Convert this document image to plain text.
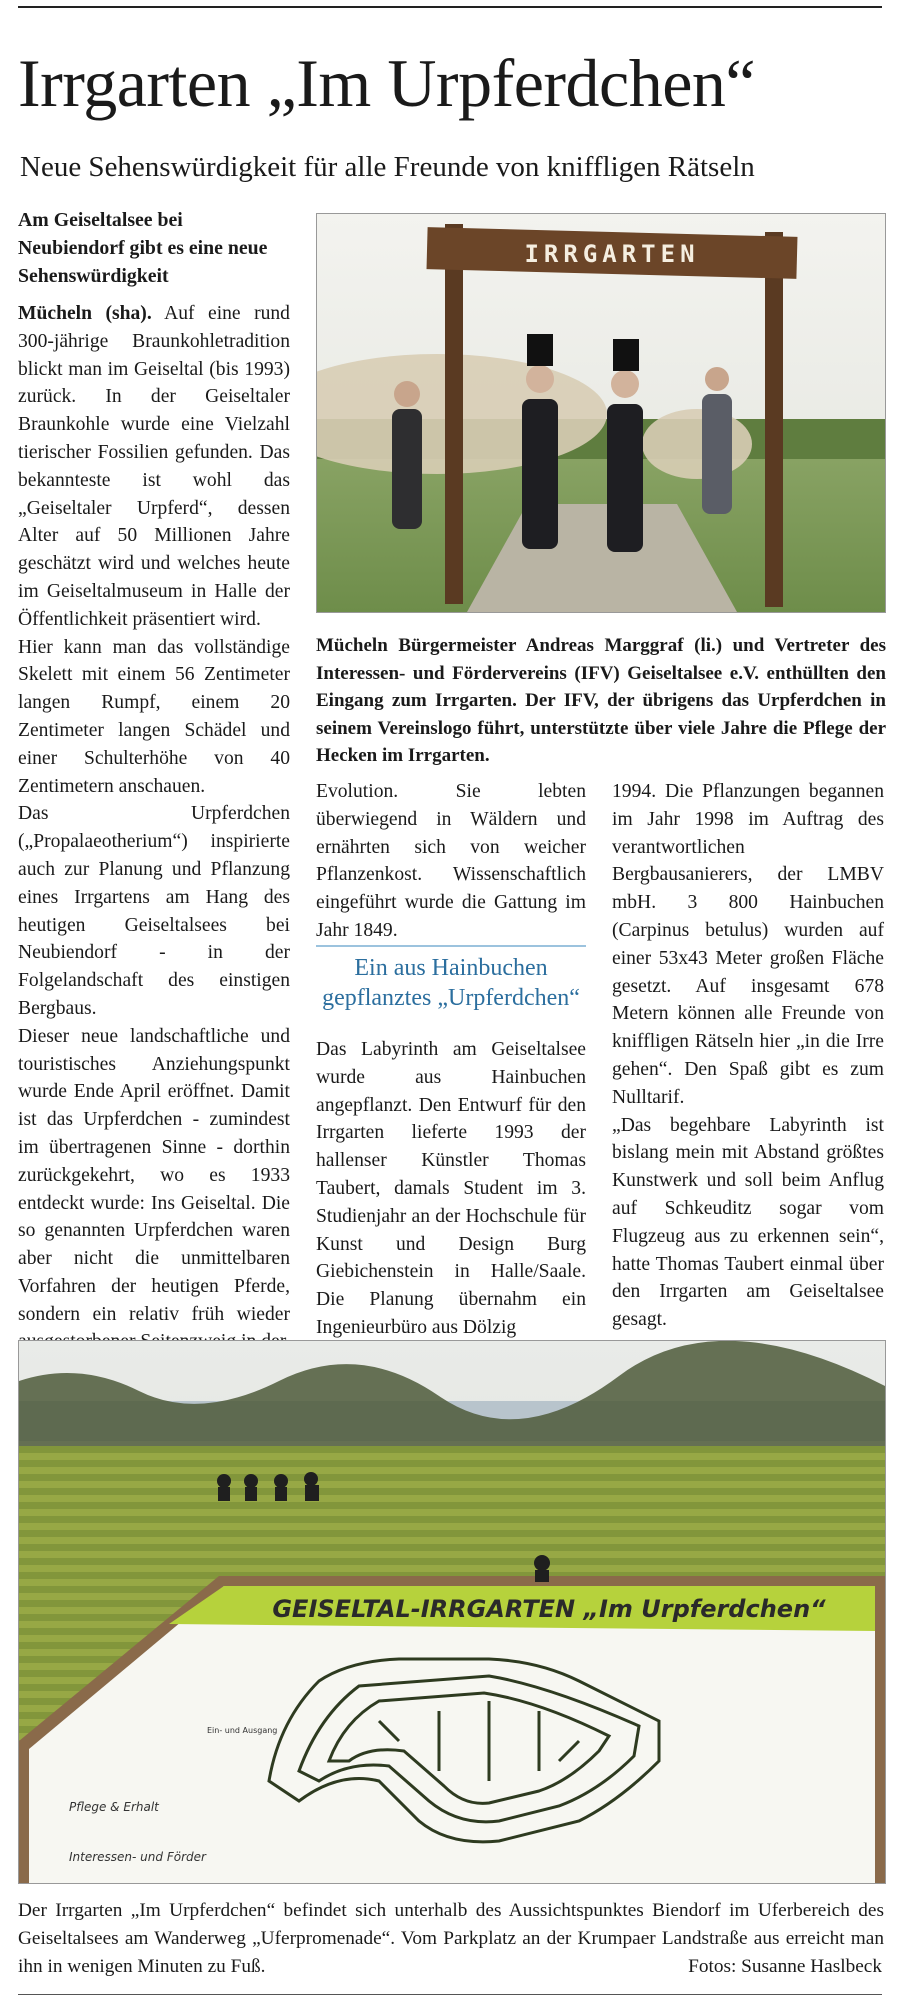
Irrgarten „Im Urpferdchen“
Neue Sehenswürdigkeit für alle Freunde von kniffligen Rätseln

Am Geiseltalsee bei Neubiendorf gibt es eine neue Sehenswürdigkeit

Mücheln (sha). Auf eine rund 300-jährige Braunkohletradition blickt man im Geiseltal (bis 1993) zurück. In der Geiseltaler Braunkohle wurde eine Vielzahl tierischer Fossilien gefunden. Das bekannteste ist wohl das „Geiseltaler Urpferd“, dessen Alter auf 50 Millionen Jahre geschätzt wird und welches heute im Geiseltalmuseum in Halle der Öffentlichkeit präsentiert wird.

Hier kann man das vollständige Skelett mit einem 56 Zentimeter langen Rumpf, einem 20 Zentimeter langen Schädel und einer Schulterhöhe von 40 Zentimetern anschauen.

Das Urpferdchen („Propalaeotherium“) inspirierte auch zur Planung und Pflanzung eines Irrgartens am Hang des heutigen Geiseltalsees bei Neubiendorf - in der Folgelandschaft des einstigen Bergbaus.

Dieser neue landschaftliche und touristisches Anziehungspunkt wurde Ende April eröffnet. Damit ist das Urpferdchen - zumindest im übertragenen Sinne - dorthin zurückgekehrt, wo es 1933 entdeckt wurde: Ins Geiseltal. Die so genannten Urpferdchen waren aber nicht die unmittelbaren Vorfahren der heutigen Pferde, sondern ein relativ früh wieder

IRRGARTEN
Mücheln Bürgermeister Andreas Marggraf (li.) und Vertreter des Interessen- und Fördervereins (IFV) Geiseltalsee e.V. enthüllten den Eingang zum Irrgarten. Der IFV, der übrigens das Urpferdchen in seinem Vereinslogo führt, unterstützte über viele Jahre die Pflege der Hecken im Irrgarten.

Evolution. Sie lebten überwiegend in Wäldern und ernährten sich von weicher Pflanzenkost. Wissenschaftlich eingeführt wurde die Gattung im Jahr 1849.

Ein aus Hainbuchen gepflanztes „Urpferdchen“

Das Labyrinth am Geiseltalsee wurde aus Hainbuchen angepflanzt. Den Entwurf für den Irrgarten lieferte 1993 der hallenser Künstler Thomas Taubert, damals Student im 3. Studienjahr an der Hochschule für Kunst und Design Burg Giebichenstein in Halle/Saale. Die Planung übernahm ein Ingenieurbüro aus Dölzig

1994. Die Pflanzungen begannen im Jahr 1998 im Auftrag des verantwortlichen Bergbausanierers, der LMBV mbH. 3 800 Hainbuchen (Carpinus betulus) wurden auf einer 53x43 Meter großen Fläche gesetzt. Auf insgesamt 678 Metern können alle Freunde von kniffligen Rätseln hier „in die Irre gehen“. Den Spaß gibt es zum Nulltarif.

„Das begehbare Labyrinth ist bislang mein mit Abstand größtes Kunstwerk und soll beim Anflug auf Schkeuditz sogar vom Flugzeug aus zu erkennen sein“, hatte Thomas Taubert einmal über den Irrgarten am Geiseltalsee gesagt.

GEISELTAL-IRRGARTEN „Im Urpferdchen“
Pflege & Erhalt
Interessen- und Förder
Ein- und Ausgang
Der Irrgarten „Im Urpferdchen“ befindet sich unterhalb des Aussichtspunktes Biendorf im Uferbereich des Geiseltalsees am Wanderweg „Uferpromenade“. Vom Parkplatz an der Krumpaer Landstraße aus erreicht man ihn in wenigen Minuten zu Fuß.	Fotos: Susanne Haslbeck
